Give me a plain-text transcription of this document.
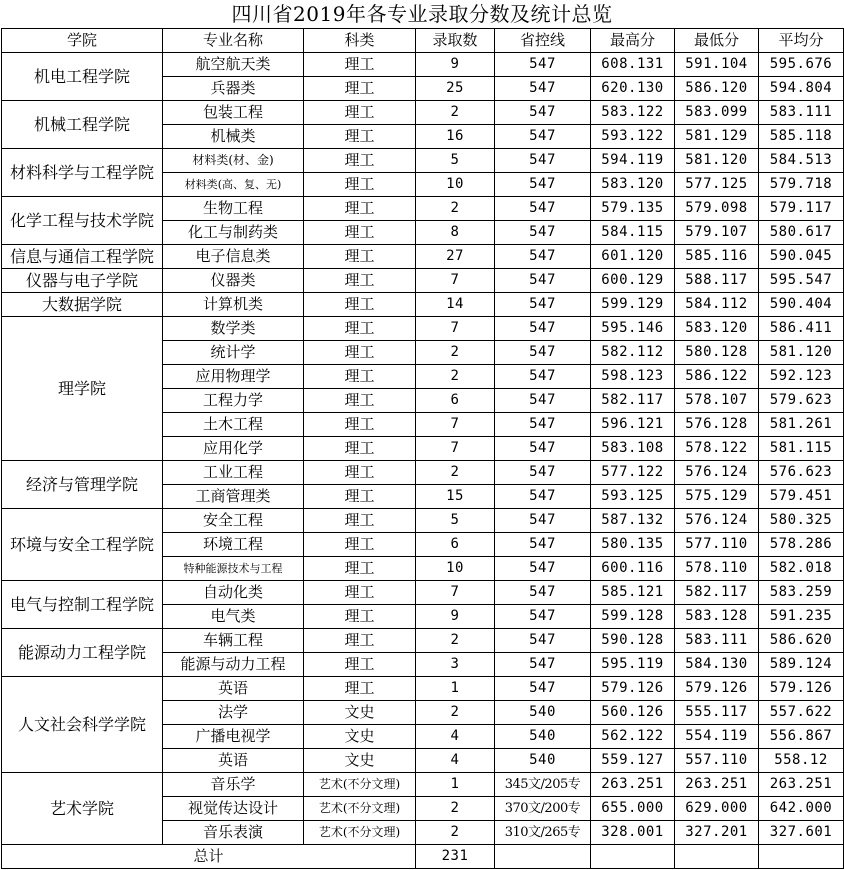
四川省2019年各专业录取分数及统计总览
学院	专业名称	科类	录取数	省控线	最高分	最低分	平均分
机电工程学院	航空航天类	理工	9	547	608.131	591.104	595.676
	兵器类	理工	25	547	620.130	586.120	594.804
机械工程学院	包装工程	理工	2	547	583.122	583.099	583.111
	机械类	理工	16	547	593.122	581.129	585.118
材料科学与工程学院	材料类(材、金)	理工	5	547	594.119	581.120	584.513
	材料类(高、复、无)	理工	10	547	583.120	577.125	579.718
化学工程与技术学院	生物工程	理工	2	547	579.135	579.098	579.117
	化工与制药类	理工	8	547	584.115	579.107	580.617
信息与通信工程学院	电子信息类	理工	27	547	601.120	585.116	590.045
仪器与电子学院	仪器类	理工	7	547	600.129	588.117	595.547
大数据学院	计算机类	理工	14	547	599.129	584.112	590.404
理学院	数学类	理工	7	547	595.146	583.120	586.411
	统计学	理工	2	547	582.112	580.128	581.120
	应用物理学	理工	2	547	598.123	586.122	592.123
	工程力学	理工	6	547	582.117	578.107	579.623
	土木工程	理工	7	547	596.121	576.128	581.261
	应用化学	理工	7	547	583.108	578.122	581.115
经济与管理学院	工业工程	理工	2	547	577.122	576.124	576.623
	工商管理类	理工	15	547	593.125	575.129	579.451
环境与安全工程学院	安全工程	理工	5	547	587.132	576.124	580.325
	环境工程	理工	6	547	580.135	577.110	578.286
	特种能源技术与工程	理工	10	547	600.116	578.110	582.018
电气与控制工程学院	自动化类	理工	7	547	585.121	582.117	583.259
	电气类	理工	9	547	599.128	583.128	591.235
能源动力工程学院	车辆工程	理工	2	547	590.128	583.111	586.620
	能源与动力工程	理工	3	547	595.119	584.130	589.124
人文社会科学学院	英语	理工	1	547	579.126	579.126	579.126
	法学	文史	2	540	560.126	555.117	557.622
	广播电视学	文史	4	540	562.122	554.119	556.867
	英语	文史	4	540	559.127	557.110	558.12
艺术学院	音乐学	艺术(不分文理)	1	345文/205专	263.251	263.251	263.251
	视觉传达设计	艺术(不分文理)	2	370文/200专	655.000	629.000	642.000
	音乐表演	艺术(不分文理)	2	310文/265专	328.001	327.201	327.601
总计			231				
